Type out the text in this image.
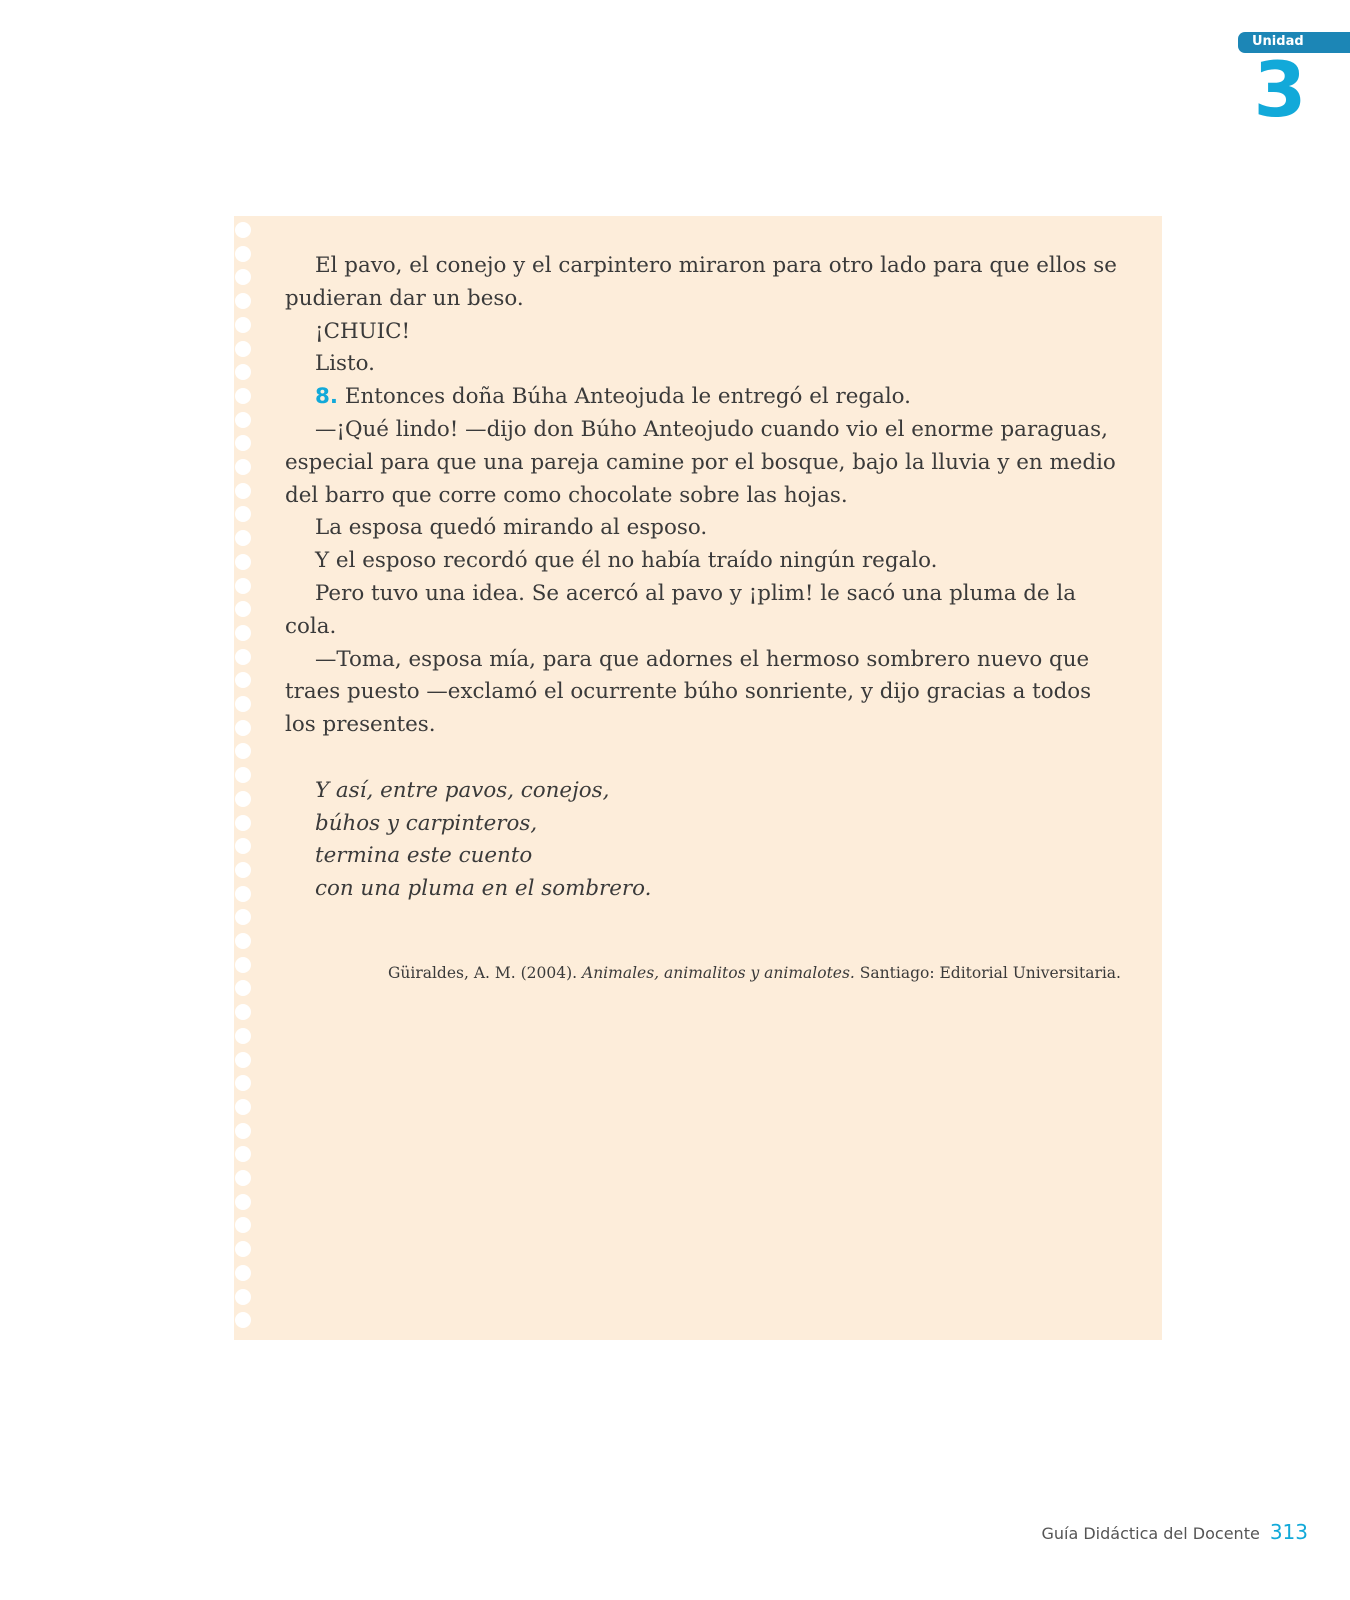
Unidad
3

El pavo, el conejo y el carpintero miraron para otro lado para que ellos se pudieran dar un beso.

¡CHUIC!

Listo.

8. Entonces doña Búha Anteojuda le entregó el regalo.

—¡Qué lindo! —dijo don Búho Anteojudo cuando vio el enorme paraguas, especial para que una pareja camine por el bosque, bajo la lluvia y en medio del barro que corre como chocolate sobre las hojas.

La esposa quedó mirando al esposo.

Y el esposo recordó que él no había traído ningún regalo.

Pero tuvo una idea. Se acercó al pavo y ¡plim! le sacó una pluma de la cola.

—Toma, esposa mía, para que adornes el hermoso sombrero nuevo que traes puesto —exclamó el ocurrente búho sonriente, y dijo gracias a todos los presentes.

Y así, entre pavos, conejos,
búhos y carpinteros,
termina este cuento
con una pluma en el sombrero.
Güiraldes, A. M. (2004). Animales, animalitos y animalotes. Santiago: Editorial Universitaria.
Guía Didáctica del Docente 313
